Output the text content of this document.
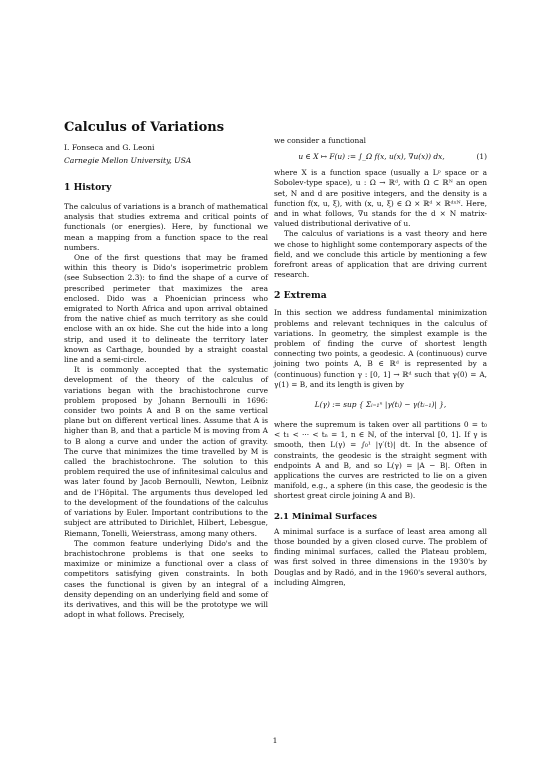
Calculus of Variations

I. Fonseca and G. Leoni

Carnegie Mellon University, USA

1 History

The calculus of variations is a branch of mathematical analysis that studies extrema and critical points of functionals (or energies). Here, by functional we mean a mapping from a function space to the real numbers.

One of the first questions that may be framed within this theory is Dido's isoperimetric problem (see Subsection 2.3): to find the shape of a curve of prescribed perimeter that maximizes the area enclosed. Dido was a Phoenician princess who emigrated to North Africa and upon arrival obtained from the native chief as much territory as she could enclose with an ox hide. She cut the hide into a long strip, and used it to delineate the territory later known as Carthage, bounded by a straight coastal line and a semi-circle.

It is commonly accepted that the systematic development of the theory of the calculus of variations began with the brachistochrone curve problem proposed by Johann Bernoulli in 1696: consider two points A and B on the same vertical plane but on different vertical lines. Assume that A is higher than B, and that a particle M is moving from A to B along a curve and under the action of gravity. The curve that minimizes the time travelled by M is called the brachistochrone. The solution to this problem required the use of infinitesimal calculus and was later found by Jacob Bernoulli, Newton, Leibniz and de l'Hôpital. The arguments thus developed led to the development of the foundations of the calculus of variations by Euler. Important contributions to the subject are attributed to Dirichlet, Hilbert, Lebesgue, Riemann, Tonelli, Weierstrass, among many others.

The common feature underlying Dido's and the brachistochrone problems is that one seeks to maximize or minimize a functional over a class of competitors satisfying given constraints. In both cases the functional is given by an integral of a density depending on an underlying field and some of its derivatives, and this will be the prototype we will adopt in what follows. Precisely,

we consider a functional

u ∈ X ↦ F(u) := ∫_Ω f(x, u(x), ∇u(x)) dx,	(1)

where X is a function space (usually a Lᵖ space or a Sobolev-type space), u : Ω → ℝᵈ, with Ω ⊂ ℝᴺ an open set, N and d are positive integers, and the density is a function f(x, u, ξ), with (x, u, ξ) ∈ Ω × ℝᵈ × ℝᵈˣᴺ. Here, and in what follows, ∇u stands for the d × N matrix-valued distributional derivative of u.

The calculus of variations is a vast theory and here we chose to highlight some contemporary aspects of the field, and we conclude this article by mentioning a few forefront areas of application that are driving current research.

2 Extrema

In this section we address fundamental minimization problems and relevant techniques in the calculus of variations. In geometry, the simplest example is the problem of finding the curve of shortest length connecting two points, a geodesic. A (continuous) curve joining two points A, B ∈ ℝᵈ is represented by a (continuous) function γ : [0, 1] → ℝᵈ such that γ(0) = A, γ(1) = B, and its length is given by

L(γ) := sup { Σᵢ₌₁ⁿ |γ(tᵢ) − γ(tᵢ₋₁)| },

where the supremum is taken over all partitions 0 = t₀ < t₁ < ··· < tₙ = 1, n ∈ ℕ, of the interval [0, 1]. If γ is smooth, then L(γ) = ∫₀¹ |γ′(t)| dt. In the absence of constraints, the geodesic is the straight segment with endpoints A and B, and so L(γ) = |A − B|. Often in applications the curves are restricted to lie on a given manifold, e.g., a sphere (in this case, the geodesic is the shortest great circle joining A and B).

2.1 Minimal Surfaces

A minimal surface is a surface of least area among all those bounded by a given closed curve. The problem of finding minimal surfaces, called the Plateau problem, was first solved in three dimensions in the 1930's by Douglas and by Radó, and in the 1960's several authors, including Almgren,

1
